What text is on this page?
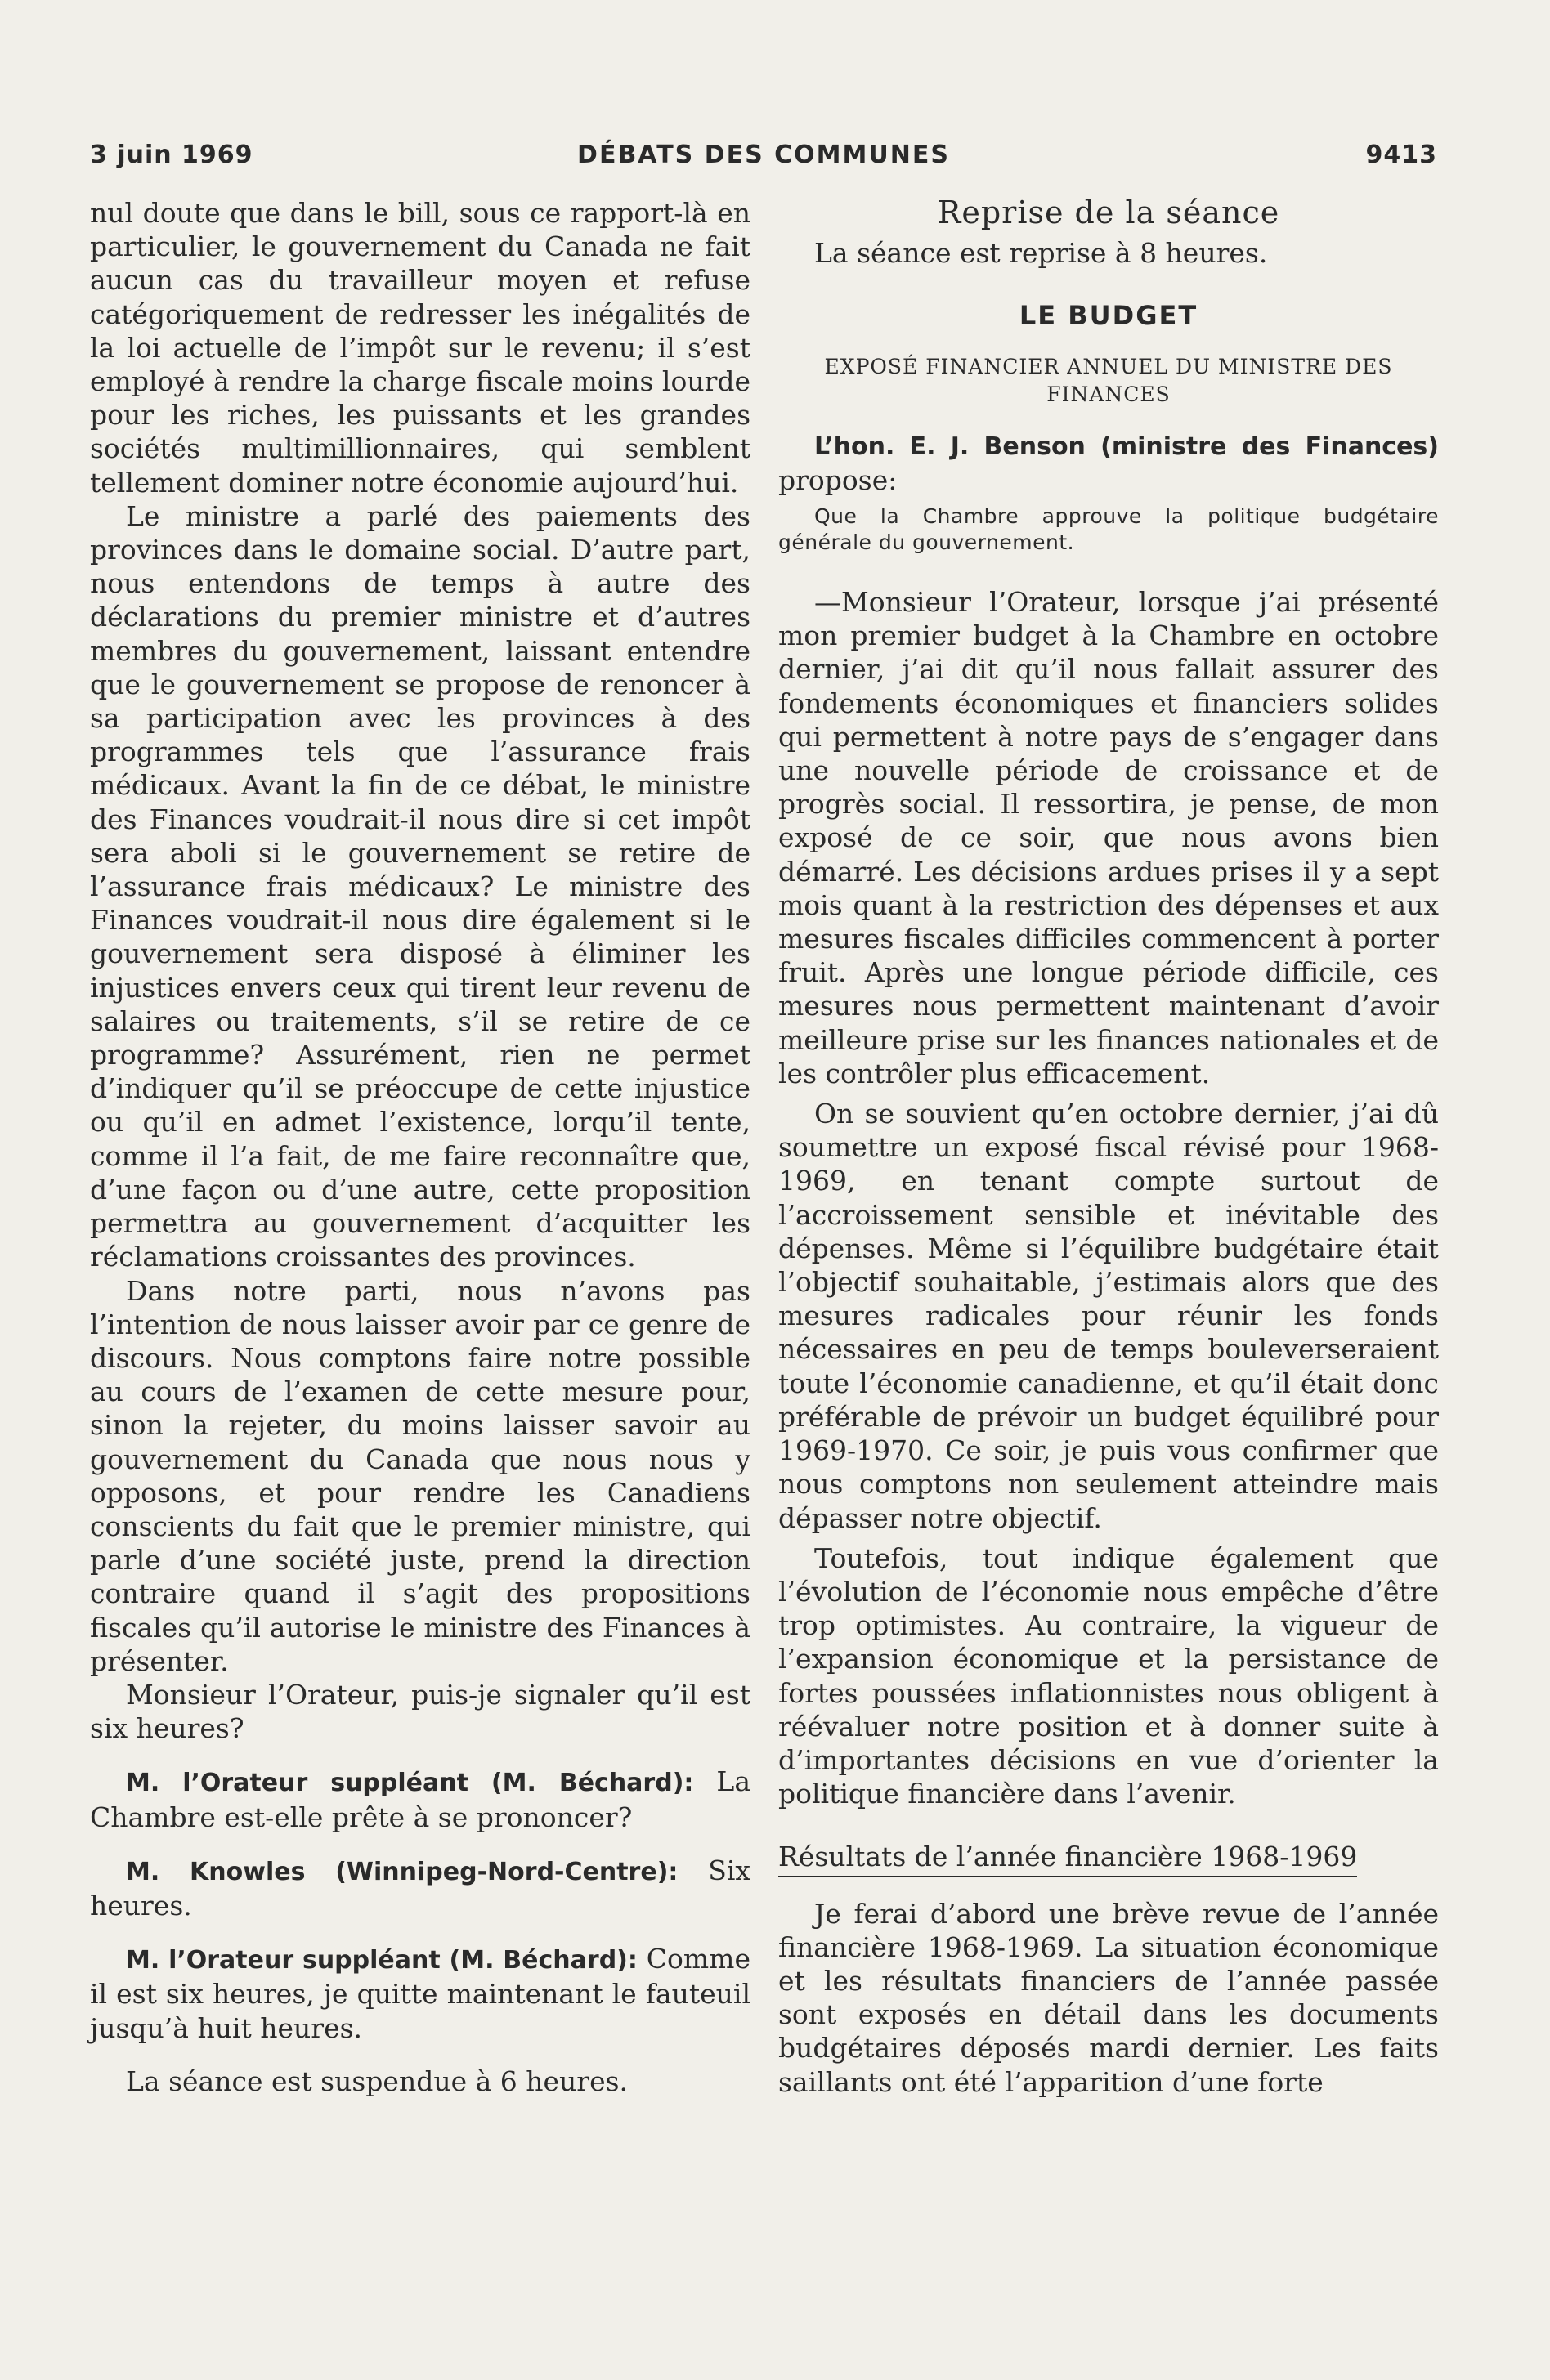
3 juin 1969	DÉBATS DES COMMUNES	9413

nul doute que dans le bill, sous ce rapport-là en particulier, le gouvernement du Canada ne fait aucun cas du travailleur moyen et refuse catégoriquement de redresser les inégalités de la loi actuelle de l’impôt sur le revenu; il s’est employé à rendre la charge fiscale moins lourde pour les riches, les puissants et les grandes sociétés multimillionnaires, qui semblent tellement dominer notre économie aujourd’hui.

Le ministre a parlé des paiements des provinces dans le domaine social. D’autre part, nous entendons de temps à autre des déclarations du premier ministre et d’autres membres du gouvernement, laissant entendre que le gouvernement se propose de renoncer à sa participation avec les provinces à des programmes tels que l’assurance frais médicaux. Avant la fin de ce débat, le ministre des Finances voudrait-il nous dire si cet impôt sera aboli si le gouvernement se retire de l’assurance frais médicaux? Le ministre des Finances voudrait-il nous dire également si le gouvernement sera disposé à éliminer les injustices envers ceux qui tirent leur revenu de salaires ou traitements, s’il se retire de ce programme? Assurément, rien ne permet d’indiquer qu’il se préoccupe de cette injustice ou qu’il en admet l’existence, lorqu’il tente, comme il l’a fait, de me faire reconnaître que, d’une façon ou d’une autre, cette proposition permettra au gouvernement d’acquitter les réclamations croissantes des provinces.

Dans notre parti, nous n’avons pas l’intention de nous laisser avoir par ce genre de discours. Nous comptons faire notre possible au cours de l’examen de cette mesure pour, sinon la rejeter, du moins laisser savoir au gouvernement du Canada que nous nous y opposons, et pour rendre les Canadiens conscients du fait que le premier ministre, qui parle d’une société juste, prend la direction contraire quand il s’agit des propositions fiscales qu’il autorise le ministre des Finances à présenter.

Monsieur l’Orateur, puis-je signaler qu’il est six heures?

M. l’Orateur suppléant (M. Béchard): La Chambre est-elle prête à se prononcer?

M. Knowles (Winnipeg-Nord-Centre): Six heures.

M. l’Orateur suppléant (M. Béchard): Comme il est six heures, je quitte maintenant le fauteuil jusqu’à huit heures.

La séance est suspendue à 6 heures.

Reprise de la séance

La séance est reprise à 8 heures.

LE BUDGET

EXPOSÉ FINANCIER ANNUEL DU MINISTRE DES FINANCES

L’hon. E. J. Benson (ministre des Finances) propose:

Que la Chambre approuve la politique budgétaire générale du gouvernement.

—Monsieur l’Orateur, lorsque j’ai présenté mon premier budget à la Chambre en octobre dernier, j’ai dit qu’il nous fallait assurer des fondements économiques et financiers solides qui permettent à notre pays de s’engager dans une nouvelle période de croissance et de progrès social. Il ressortira, je pense, de mon exposé de ce soir, que nous avons bien démarré. Les décisions ardues prises il y a sept mois quant à la restriction des dépenses et aux mesures fiscales difficiles commencent à porter fruit. Après une longue période difficile, ces mesures nous permettent maintenant d’avoir meilleure prise sur les finances nationales et de les contrôler plus efficacement.

On se souvient qu’en octobre dernier, j’ai dû soumettre un exposé fiscal révisé pour 1968-1969, en tenant compte surtout de l’accroissement sensible et inévitable des dépenses. Même si l’équilibre budgétaire était l’objectif souhaitable, j’estimais alors que des mesures radicales pour réunir les fonds nécessaires en peu de temps bouleverseraient toute l’économie canadienne, et qu’il était donc préférable de prévoir un budget équilibré pour 1969-1970. Ce soir, je puis vous confirmer que nous comptons non seulement atteindre mais dépasser notre objectif.

Toutefois, tout indique également que l’évolution de l’économie nous empêche d’être trop optimistes. Au contraire, la vigueur de l’expansion économique et la persistance de fortes poussées inflationnistes nous obligent à réévaluer notre position et à donner suite à d’importantes décisions en vue d’orienter la politique financière dans l’avenir.

Résultats de l’année financière 1968-1969

Je ferai d’abord une brève revue de l’année financière 1968-1969. La situation économique et les résultats financiers de l’année passée sont exposés en détail dans les documents budgétaires déposés mardi dernier. Les faits saillants ont été l’apparition d’une forte
